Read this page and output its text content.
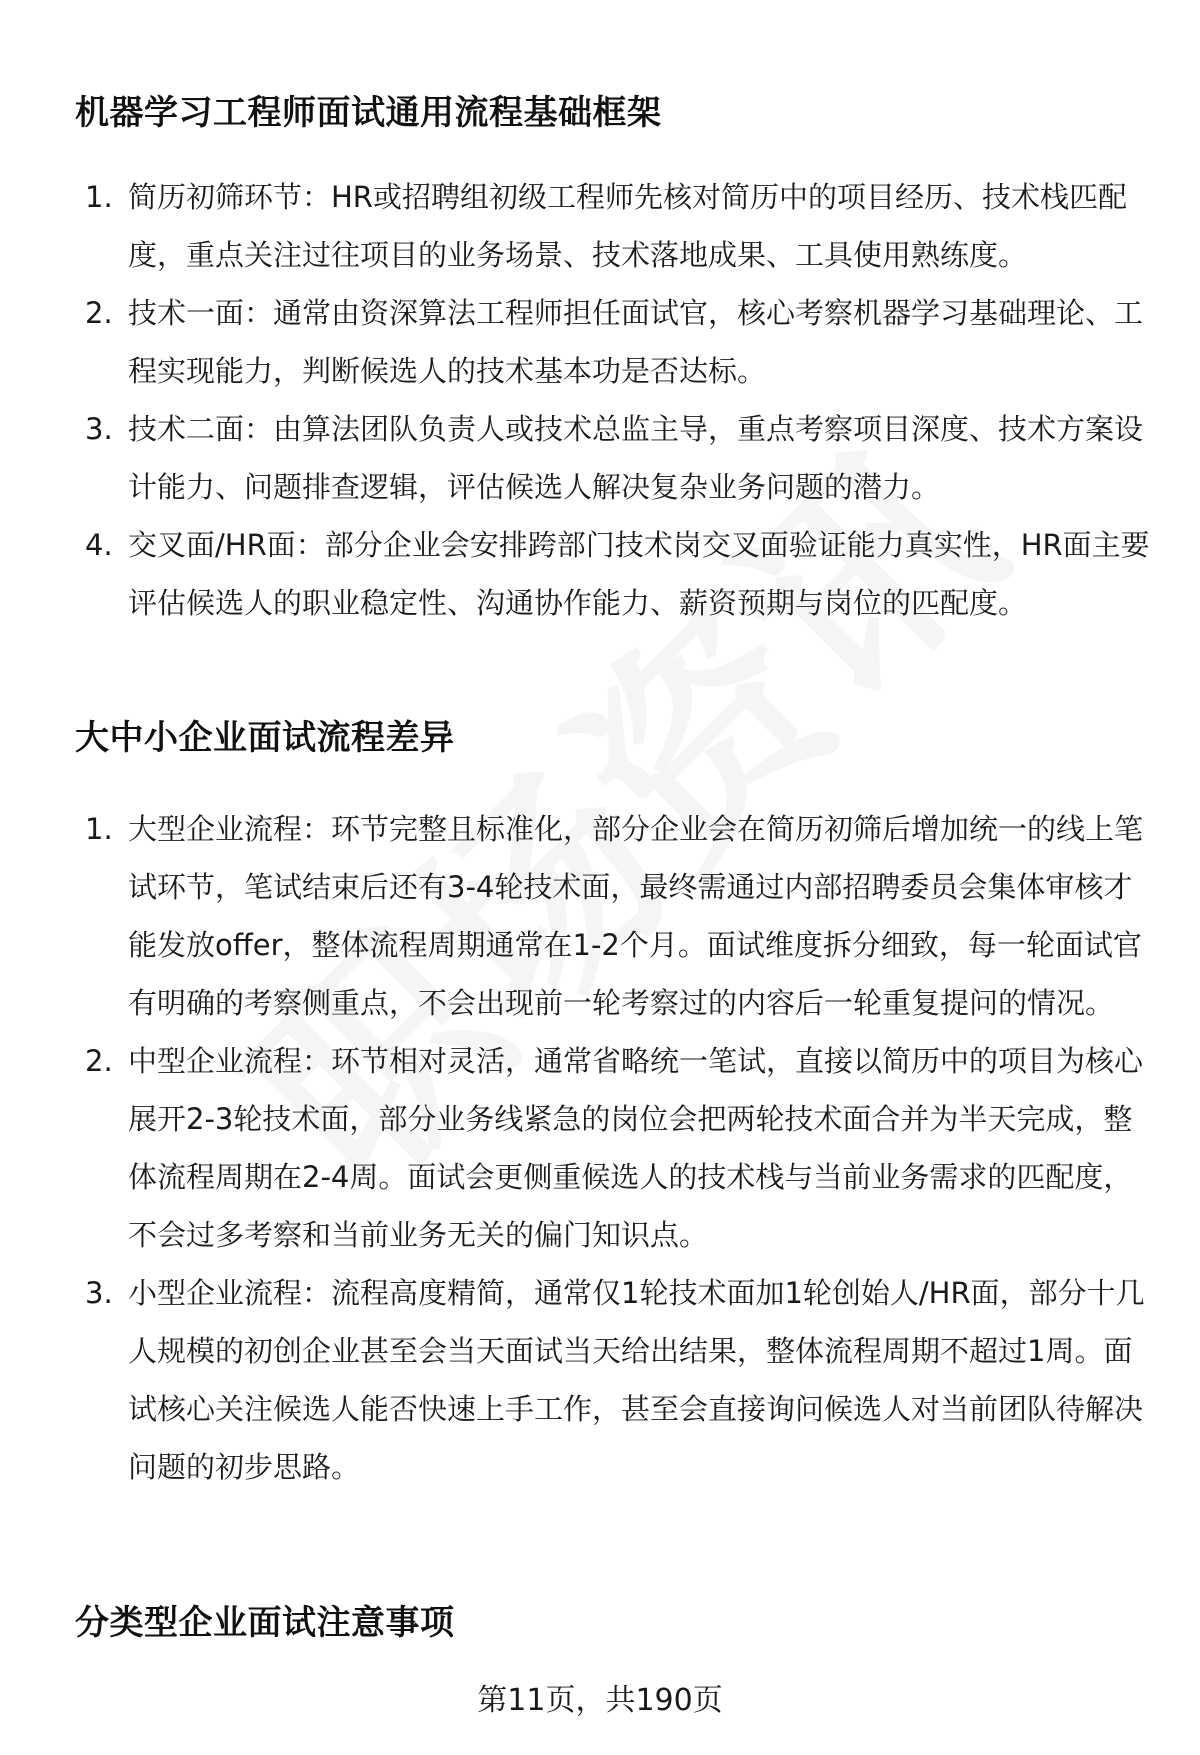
机器学习工程师面试通用流程基础框架
1. 简历初筛环节：HR或招聘组初级工程师先核对简历中的项目经历、技术栈匹配度，重点关注过往项目的业务场景、技术落地成果、工具使用熟练度。
2. 技术一面：通常由资深算法工程师担任面试官，核心考察机器学习基础理论、工程实现能力，判断候选人的技术基本功是否达标。
3. 技术二面：由算法团队负责人或技术总监主导，重点考察项目深度、技术方案设计能力、问题排查逻辑，评估候选人解决复杂业务问题的潜力。
4. 交叉面/HR面：部分企业会安排跨部门技术岗交叉面验证能力真实性，HR面主要评估候选人的职业稳定性、沟通协作能力、薪资预期与岗位的匹配度。
大中小企业面试流程差异
1. 大型企业流程：环节完整且标准化，部分企业会在简历初筛后增加统一的线上笔试环节，笔试结束后还有3-4轮技术面，最终需通过内部招聘委员会集体审核才能发放offer，整体流程周期通常在1-2个月。面试维度拆分细致，每一轮面试官有明确的考察侧重点，不会出现前一轮考察过的内容后一轮重复提问的情况。
2. 中型企业流程：环节相对灵活，通常省略统一笔试，直接以简历中的项目为核心展开2-3轮技术面，部分业务线紧急的岗位会把两轮技术面合并为半天完成，整体流程周期在2-4周。面试会更侧重候选人的技术栈与当前业务需求的匹配度，不会过多考察和当前业务无关的偏门知识点。
3. 小型企业流程：流程高度精简，通常仅1轮技术面加1轮创始人/HR面，部分十几人规模的初创企业甚至会当天面试当天给出结果，整体流程周期不超过1周。面试核心关注候选人能否快速上手工作，甚至会直接询问候选人对当前团队待解决问题的初步思路。
分类型企业面试注意事项
第11页，共190页
